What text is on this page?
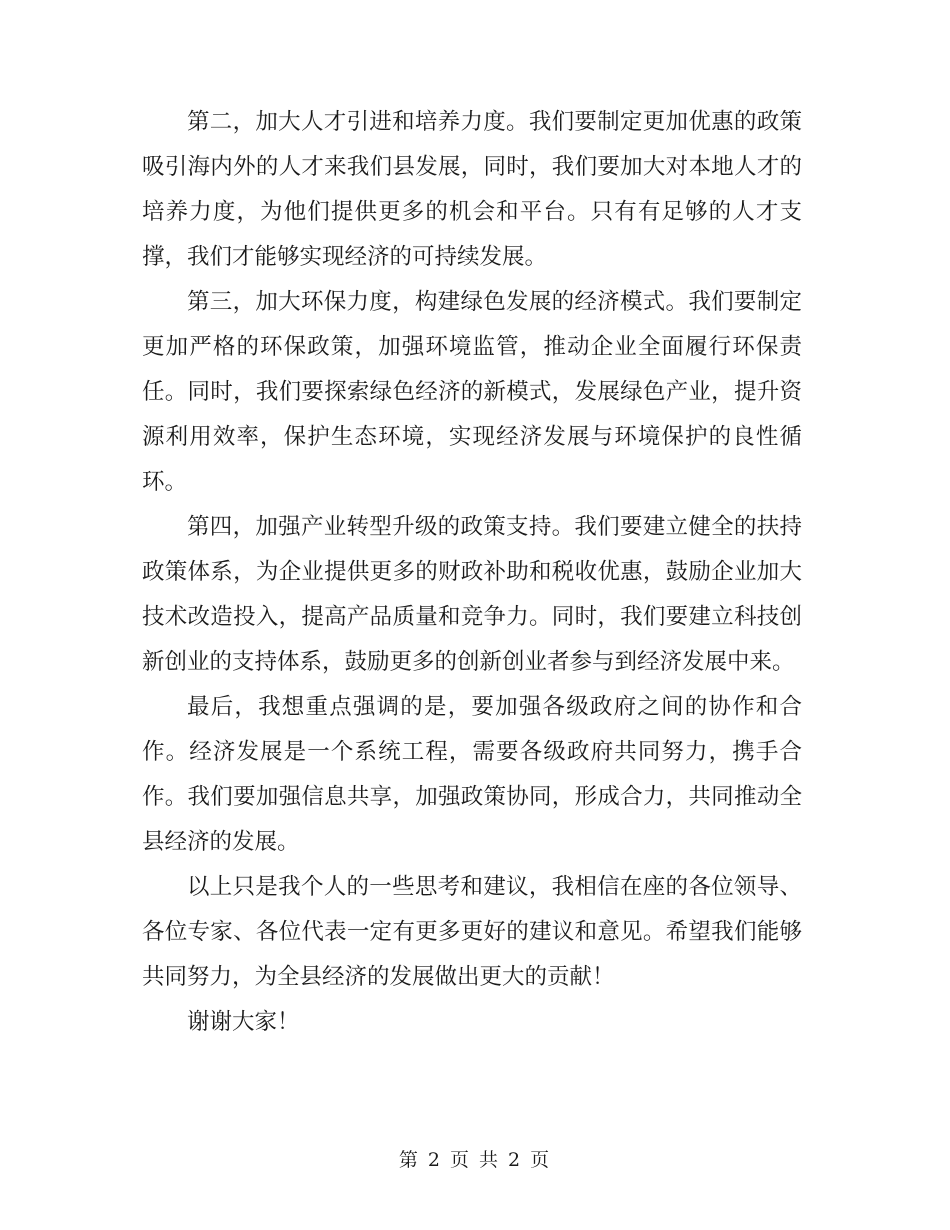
第二，加大人才引进和培养力度。我们要制定更加优惠的政策吸引海内外的人才来我们县发展，同时，我们要加大对本地人才的培养力度，为他们提供更多的机会和平台。只有有足够的人才支撑，我们才能够实现经济的可持续发展。

第三，加大环保力度，构建绿色发展的经济模式。我们要制定更加严格的环保政策，加强环境监管，推动企业全面履行环保责任。同时，我们要探索绿色经济的新模式，发展绿色产业，提升资源利用效率，保护生态环境，实现经济发展与环境保护的良性循环。

第四，加强产业转型升级的政策支持。我们要建立健全的扶持政策体系，为企业提供更多的财政补助和税收优惠，鼓励企业加大技术改造投入，提高产品质量和竞争力。同时，我们要建立科技创新创业的支持体系，鼓励更多的创新创业者参与到经济发展中来。

最后，我想重点强调的是，要加强各级政府之间的协作和合作。经济发展是一个系统工程，需要各级政府共同努力，携手合作。我们要加强信息共享，加强政策协同，形成合力，共同推动全县经济的发展。

以上只是我个人的一些思考和建议，我相信在座的各位领导、各位专家、各位代表一定有更多更好的建议和意见。希望我们能够共同努力，为全县经济的发展做出更大的贡献！

谢谢大家！

第 2 页 共 2 页
